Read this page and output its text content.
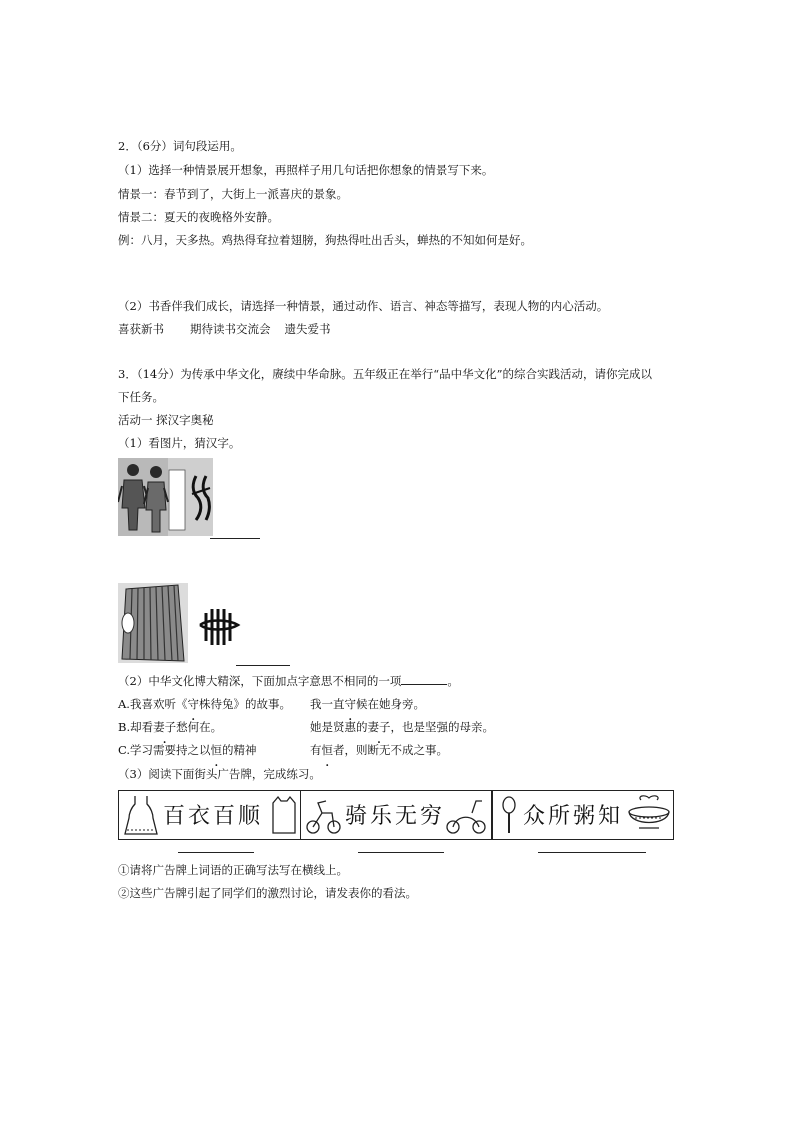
2．（6分）词句段运用。
（1）选择一种情景展开想象，再照样子用几句话把你想象的情景写下来。
情景一：春节到了，大街上一派喜庆的景象。
情景二：夏天的夜晚格外安静。
例：八月，天多热。鸡热得耷拉着翅膀，狗热得吐出舌头，蝉热的不知如何是好。
（2）书香伴我们成长，请选择一种情景，通过动作、语言、神态等描写，表现人物的内心活动。
喜获新书 期待读书交流会 遗失爱书
3．（14分）为传承中华文化，赓续中华命脉。五年级正在举行“品中华文化”的综合实践活动，请你完成以
下任务。
活动一 探汉字奥秘
（1）看图片，猜汉字。
（2）中华文化博大精深，下面加点字意思不相同的一项	。
A.我喜欢听《守株待兔》的故事。 我一直守候在她身旁。
B.却看妻子愁何在。	她是贤惠的妻子，也是坚强的母亲。
C.学习需要持之以恒的精神	有恒者，则断无不成之事。
（3）阅读下面街头广告牌，完成练习。
百衣百顺	骑乐无穷	众所粥知
①请将广告牌上词语的正确写法写在横线上。
②这些广告牌引起了同学们的激烈讨论，请发表你的看法。
